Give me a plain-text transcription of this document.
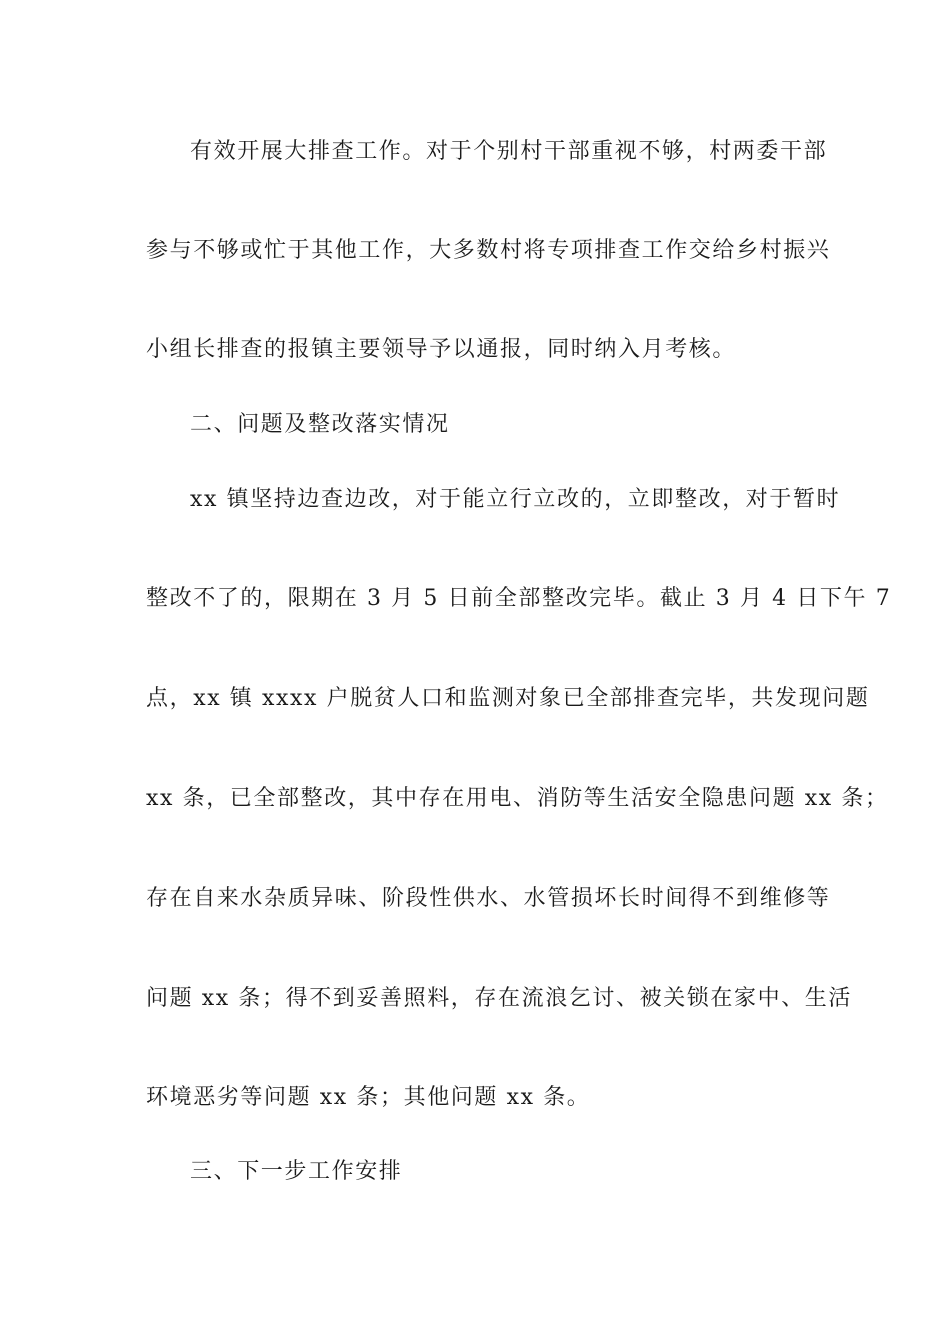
有效开展大排查工作。对于个别村干部重视不够，村两委干部
参与不够或忙于其他工作，大多数村将专项排查工作交给乡村振兴
小组长排查的报镇主要领导予以通报，同时纳入月考核。
二、问题及整改落实情况
xx 镇坚持边查边改，对于能立行立改的，立即整改，对于暂时
整改不了的，限期在 3 月 5 日前全部整改完毕。截止 3 月 4 日下午 7
点，xx 镇 xxxx 户脱贫人口和监测对象已全部排查完毕，共发现问题
xx 条，已全部整改，其中存在用电、消防等生活安全隐患问题 xx 条；
存在自来水杂质异味、阶段性供水、水管损坏长时间得不到维修等
问题 xx 条；得不到妥善照料，存在流浪乞讨、被关锁在家中、生活
环境恶劣等问题 xx 条；其他问题 xx 条。
三、下一步工作安排
